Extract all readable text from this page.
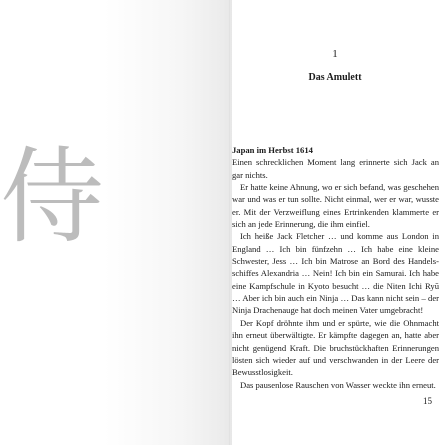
侍
1
Das Amulett

Japan im Herbst 1614
Einen schrecklichen Moment lang erinnerte sich Jack an gar nichts.

Er hatte keine Ahnung, wo er sich befand, was geschehen war und was er tun sollte. Nicht einmal, wer er war, wusste er. Mit der Verzweiflung eines Ertrinkenden klammerte er sich an jede Erinnerung, die ihm einfiel.

Ich heiße Jack Fletcher … und komme aus London in England … Ich bin fünfzehn … Ich habe eine kleine Schwester, Jess … Ich bin Matrose an Bord des Handelsschiffes Alexandria … Nein! Ich bin ein Samurai. Ich habe eine Kampfschule in Kyoto besucht … die Niten Ichi Ryū … Aber ich bin auch ein Ninja … Das kann nicht sein – der Ninja Drachenauge hat doch meinen Vater umgebracht!

Der Kopf dröhnte ihm und er spürte, wie die Ohnmacht ihn erneut überwältigte. Er kämpfte dagegen an, hatte aber nicht genügend Kraft. Die bruchstückhaften Erinnerungen lösten sich wieder auf und verschwanden in der Leere der Bewusstlosigkeit.

Das pausenlose Rauschen von Wasser weckte ihn erneut.

15
